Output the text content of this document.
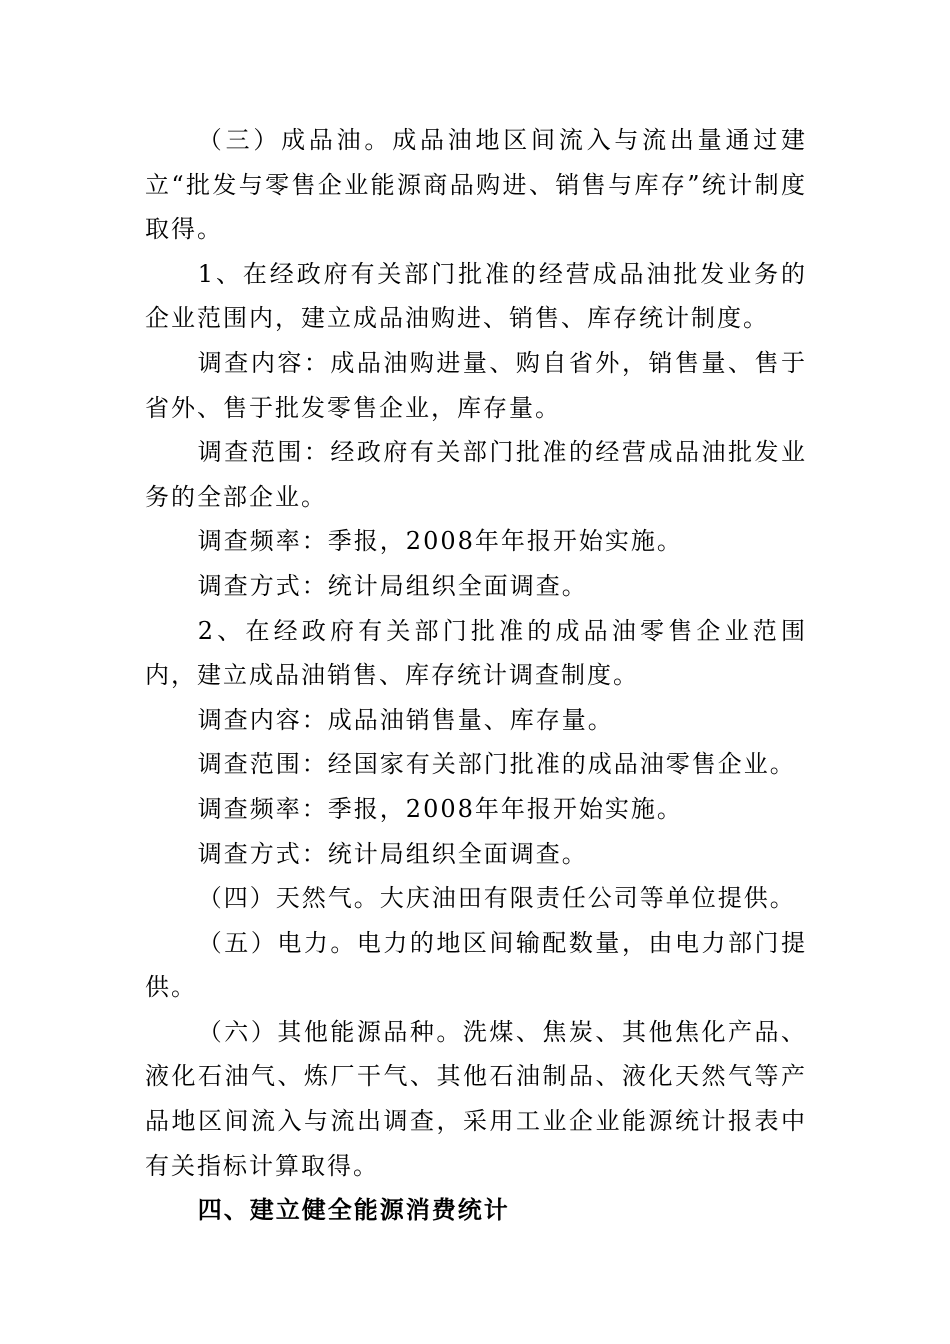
（三）成品油。成品油地区间流入与流出量通过建立“批发与零售企业能源商品购进、销售与库存”统计制度取得。

1、在经政府有关部门批准的经营成品油批发业务的企业范围内，建立成品油购进、销售、库存统计制度。

调查内容：成品油购进量、购自省外，销售量、售于省外、售于批发零售企业，库存量。

调查范围：经政府有关部门批准的经营成品油批发业务的全部企业。

调查频率：季报，2008年年报开始实施。

调查方式：统计局组织全面调查。

2、在经政府有关部门批准的成品油零售企业范围内，建立成品油销售、库存统计调查制度。

调查内容：成品油销售量、库存量。

调查范围：经国家有关部门批准的成品油零售企业。

调查频率：季报，2008年年报开始实施。

调查方式：统计局组织全面调查。

（四）天然气。大庆油田有限责任公司等单位提供。

（五）电力。电力的地区间输配数量，由电力部门提供。

（六）其他能源品种。洗煤、焦炭、其他焦化产品、液化石油气、炼厂干气、其他石油制品、液化天然气等产品地区间流入与流出调查，采用工业企业能源统计报表中有关指标计算取得。

四、建立健全能源消费统计
